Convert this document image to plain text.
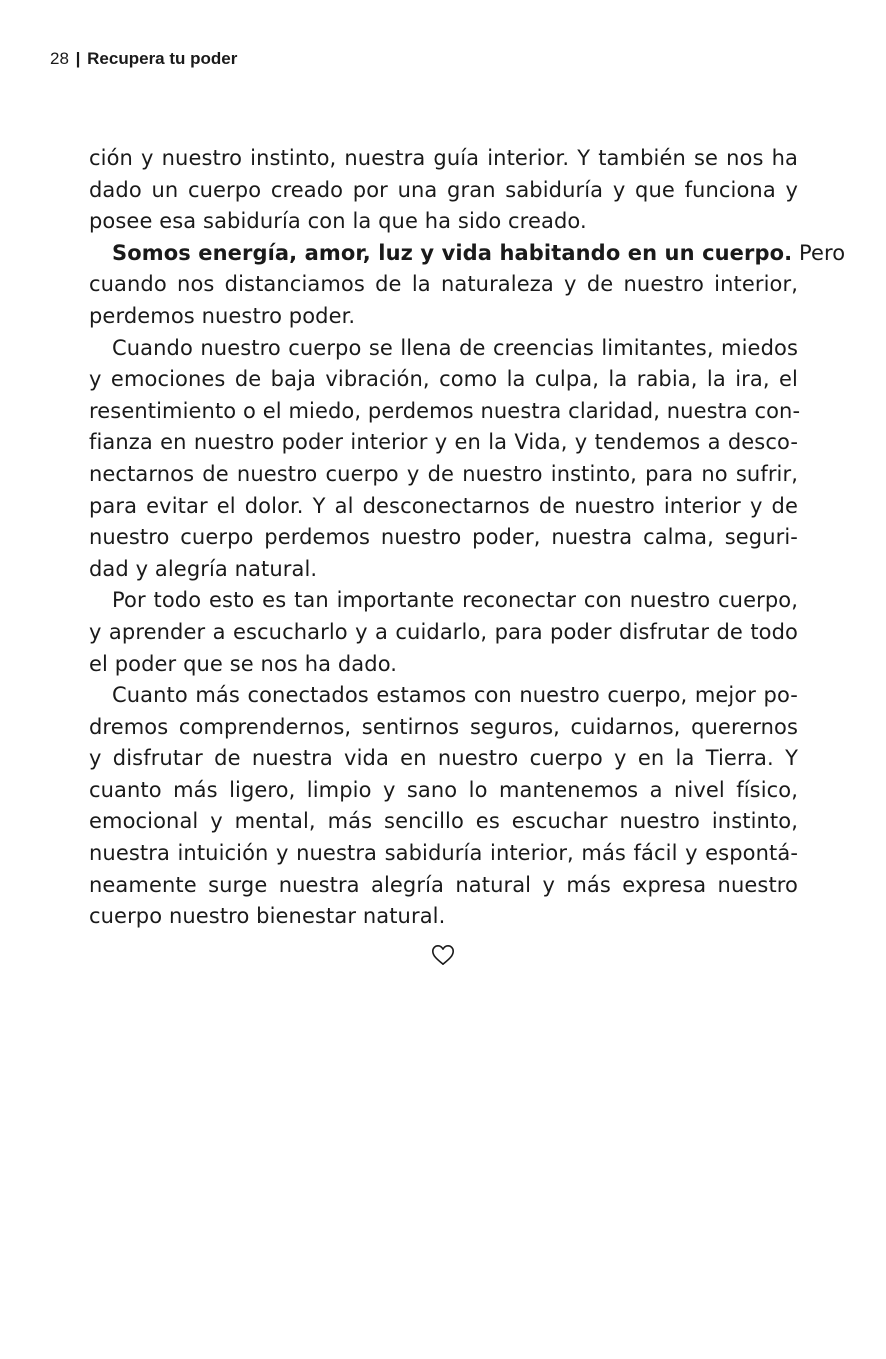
28 | Recupera tu poder
ción y nuestro instinto, nuestra guía interior. Y también se nos ha
dado un cuerpo creado por una gran sabiduría y que funciona y
posee esa sabiduría con la que ha sido creado.
Somos energía, amor, luz y vida habitando en un cuerpo. Pero
cuando nos distanciamos de la naturaleza y de nuestro interior,
perdemos nuestro poder.
Cuando nuestro cuerpo se llena de creencias limitantes, miedos
y emociones de baja vibración, como la culpa, la rabia, la ira, el
resentimiento o el miedo, perdemos nuestra claridad, nuestra con-
fianza en nuestro poder interior y en la Vida, y tendemos a desco-
nectarnos de nuestro cuerpo y de nuestro instinto, para no sufrir,
para evitar el dolor. Y al desconectarnos de nuestro interior y de
nuestro cuerpo perdemos nuestro poder, nuestra calma, seguri-
dad y alegría natural.
Por todo esto es tan importante reconectar con nuestro cuerpo,
y aprender a escucharlo y a cuidarlo, para poder disfrutar de todo
el poder que se nos ha dado.
Cuanto más conectados estamos con nuestro cuerpo, mejor po-
dremos comprendernos, sentirnos seguros, cuidarnos, querernos
y disfrutar de nuestra vida en nuestro cuerpo y en la Tierra. Y
cuanto más ligero, limpio y sano lo mantenemos a nivel físico,
emocional y mental, más sencillo es escuchar nuestro instinto,
nuestra intuición y nuestra sabiduría interior, más fácil y espontá-
neamente surge nuestra alegría natural y más expresa nuestro
cuerpo nuestro bienestar natural.
